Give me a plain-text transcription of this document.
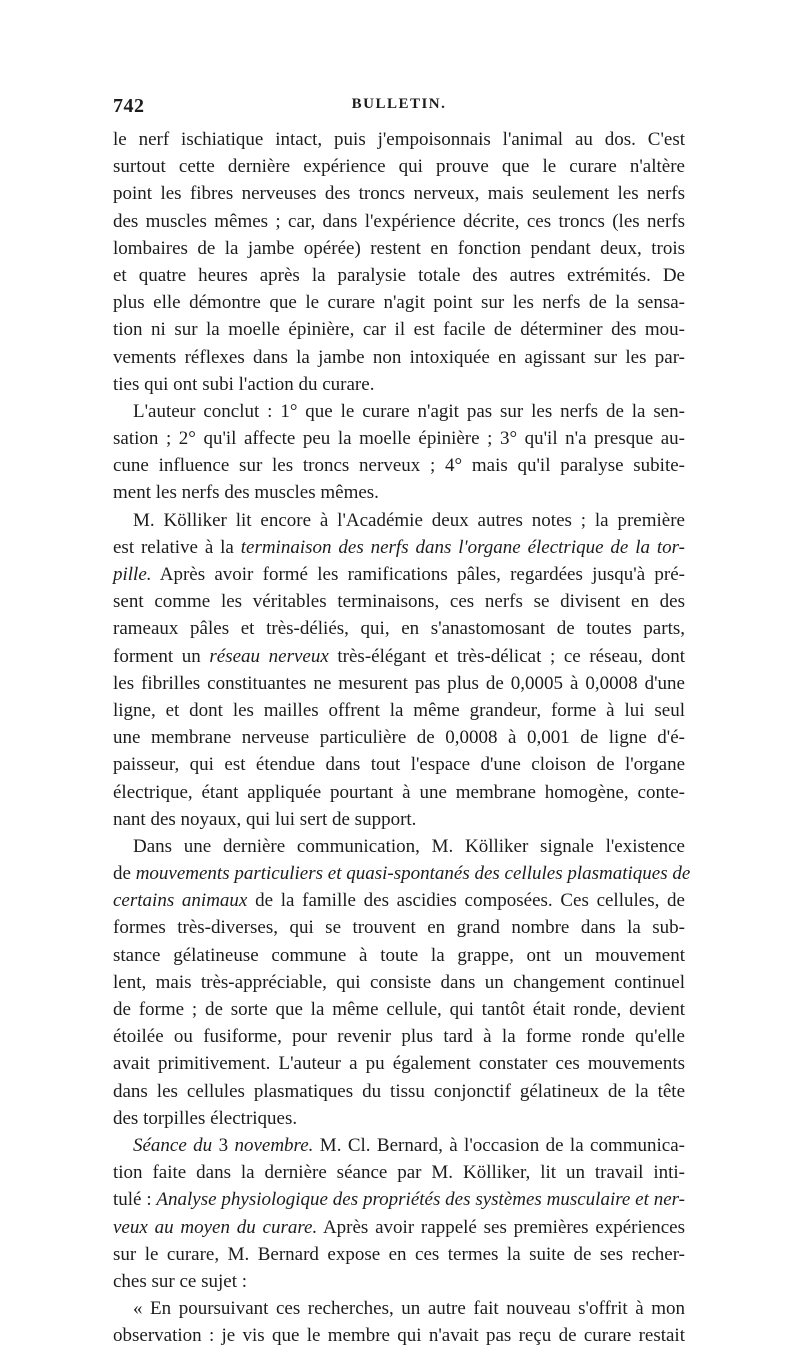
742	BULLETIN.
le nerf ischiatique intact, puis j'empoisonnais l'animal au dos. C'est
surtout cette dernière expérience qui prouve que le curare n'altère
point les fibres nerveuses des troncs nerveux, mais seulement les nerfs
des muscles mêmes ; car, dans l'expérience décrite, ces troncs (les nerfs
lombaires de la jambe opérée) restent en fonction pendant deux, trois
et quatre heures après la paralysie totale des autres extrémités. De
plus elle démontre que le curare n'agit point sur les nerfs de la sensa-
tion ni sur la moelle épinière, car il est facile de déterminer des mou-
vements réflexes dans la jambe non intoxiquée en agissant sur les par-
ties qui ont subi l'action du curare.
L'auteur conclut : 1° que le curare n'agit pas sur les nerfs de la sen-
sation ; 2° qu'il affecte peu la moelle épinière ; 3° qu'il n'a presque au-
cune influence sur les troncs nerveux ; 4° mais qu'il paralyse subite-
ment les nerfs des muscles mêmes.
M. Kölliker lit encore à l'Académie deux autres notes ; la première
est relative à la terminaison des nerfs dans l'organe électrique de la tor-
pille. Après avoir formé les ramifications pâles, regardées jusqu'à pré-
sent comme les véritables terminaisons, ces nerfs se divisent en des
rameaux pâles et très-déliés, qui, en s'anastomosant de toutes parts,
forment un réseau nerveux très-élégant et très-délicat ; ce réseau, dont
les fibrilles constituantes ne mesurent pas plus de 0,0005 à 0,0008 d'une
ligne, et dont les mailles offrent la même grandeur, forme à lui seul
une membrane nerveuse particulière de 0,0008 à 0,001 de ligne d'é-
paisseur, qui est étendue dans tout l'espace d'une cloison de l'organe
électrique, étant appliquée pourtant à une membrane homogène, conte-
nant des noyaux, qui lui sert de support.
Dans une dernière communication, M. Kölliker signale l'existence
de mouvements particuliers et quasi-spontanés des cellules plasmatiques de
certains animaux de la famille des ascidies composées. Ces cellules, de
formes très-diverses, qui se trouvent en grand nombre dans la sub-
stance gélatineuse commune à toute la grappe, ont un mouvement
lent, mais très-appréciable, qui consiste dans un changement continuel
de forme ; de sorte que la même cellule, qui tantôt était ronde, devient
étoilée ou fusiforme, pour revenir plus tard à la forme ronde qu'elle
avait primitivement. L'auteur a pu également constater ces mouvements
dans les cellules plasmatiques du tissu conjonctif gélatineux de la tête
des torpilles électriques.
Séance du 3 novembre. M. Cl. Bernard, à l'occasion de la communica-
tion faite dans la dernière séance par M. Kölliker, lit un travail inti-
tulé : Analyse physiologique des propriétés des systèmes musculaire et ner-
veux au moyen du curare. Après avoir rappelé ses premières expériences
sur le curare, M. Bernard expose en ces termes la suite de ses recher-
ches sur ce sujet :
« En poursuivant ces recherches, un autre fait nouveau s'offrit à mon
observation : je vis que le membre qui n'avait pas reçu de curare restait
